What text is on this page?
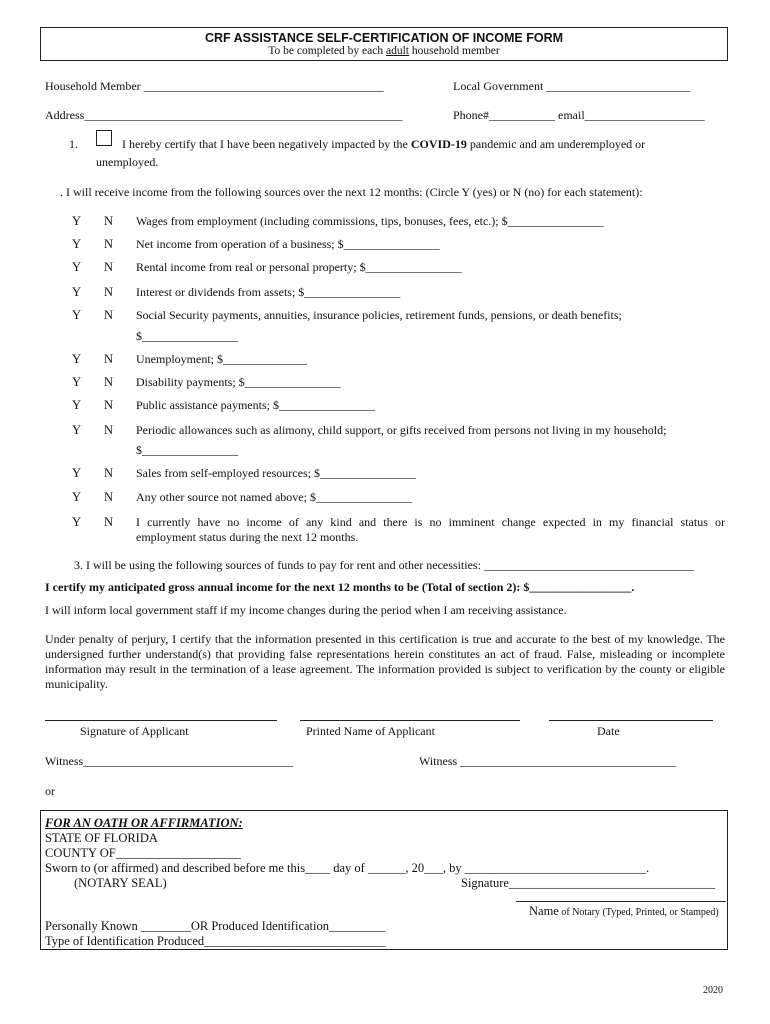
CRF ASSISTANCE SELF-CERTIFICATION OF INCOME FORM
To be completed by each adult household member
Household Member ________________________________________	Local Government ________________________
Address_____________________________________________________	Phone#___________ email____________________
1.	I hereby certify that I have been negatively impacted by the COVID-19 pandemic and am underemployed or
unemployed.
. I will receive income from the following sources over the next 12 months: (Circle Y (yes) or N (no) for each statement):
Y N Wages from employment (including commissions, tips, bonuses, fees, etc.); $________________
Y N Net income from operation of a business; $________________
Y N Rental income from real or personal property; $________________
Y N Interest or dividends from assets; $________________
Y N Social Security payments, annuities, insurance policies, retirement funds, pensions, or death benefits;
$________________
Y N Unemployment; $______________
Y N Disability payments; $________________
Y N Public assistance payments; $________________
Y N Periodic allowances such as alimony, child support, or gifts received from persons not living in my household;
$________________
Y N Sales from self-employed resources; $________________
Y N Any other source not named above; $________________
Y N I currently have no income of any kind and there is no imminent change expected in my financial status or
employment status during the next 12 months.
3. I will be using the following sources of funds to pay for rent and other necessities: ___________________________________
I certify my anticipated gross annual income for the next 12 months to be (Total of section 2): $_________________.
I will inform local government staff if my income changes during the period when I am receiving assistance.
Under penalty of perjury, I certify that the information presented in this certification is true and accurate to the best of my knowledge. The undersigned further understand(s) that providing false representations herein constitutes an act of fraud. False, misleading or incomplete information may result in the termination of a lease agreement. The information provided is subject to verification by the county or eligible municipality.
Signature of Applicant	Printed Name of Applicant	Date
Witness___________________________________	Witness ____________________________________
or
FOR AN OATH OR AFFIRMATION:
STATE OF FLORIDA
COUNTY OF____________________
Sworn to (or affirmed) and described before me this____ day of ______, 20___, by _____________________________.
(NOTARY SEAL)	Signature_________________________________
Name of Notary (Typed, Printed, or Stamped)
Personally Known ________OR Produced Identification_________
Type of Identification Produced_____________________________
2020
